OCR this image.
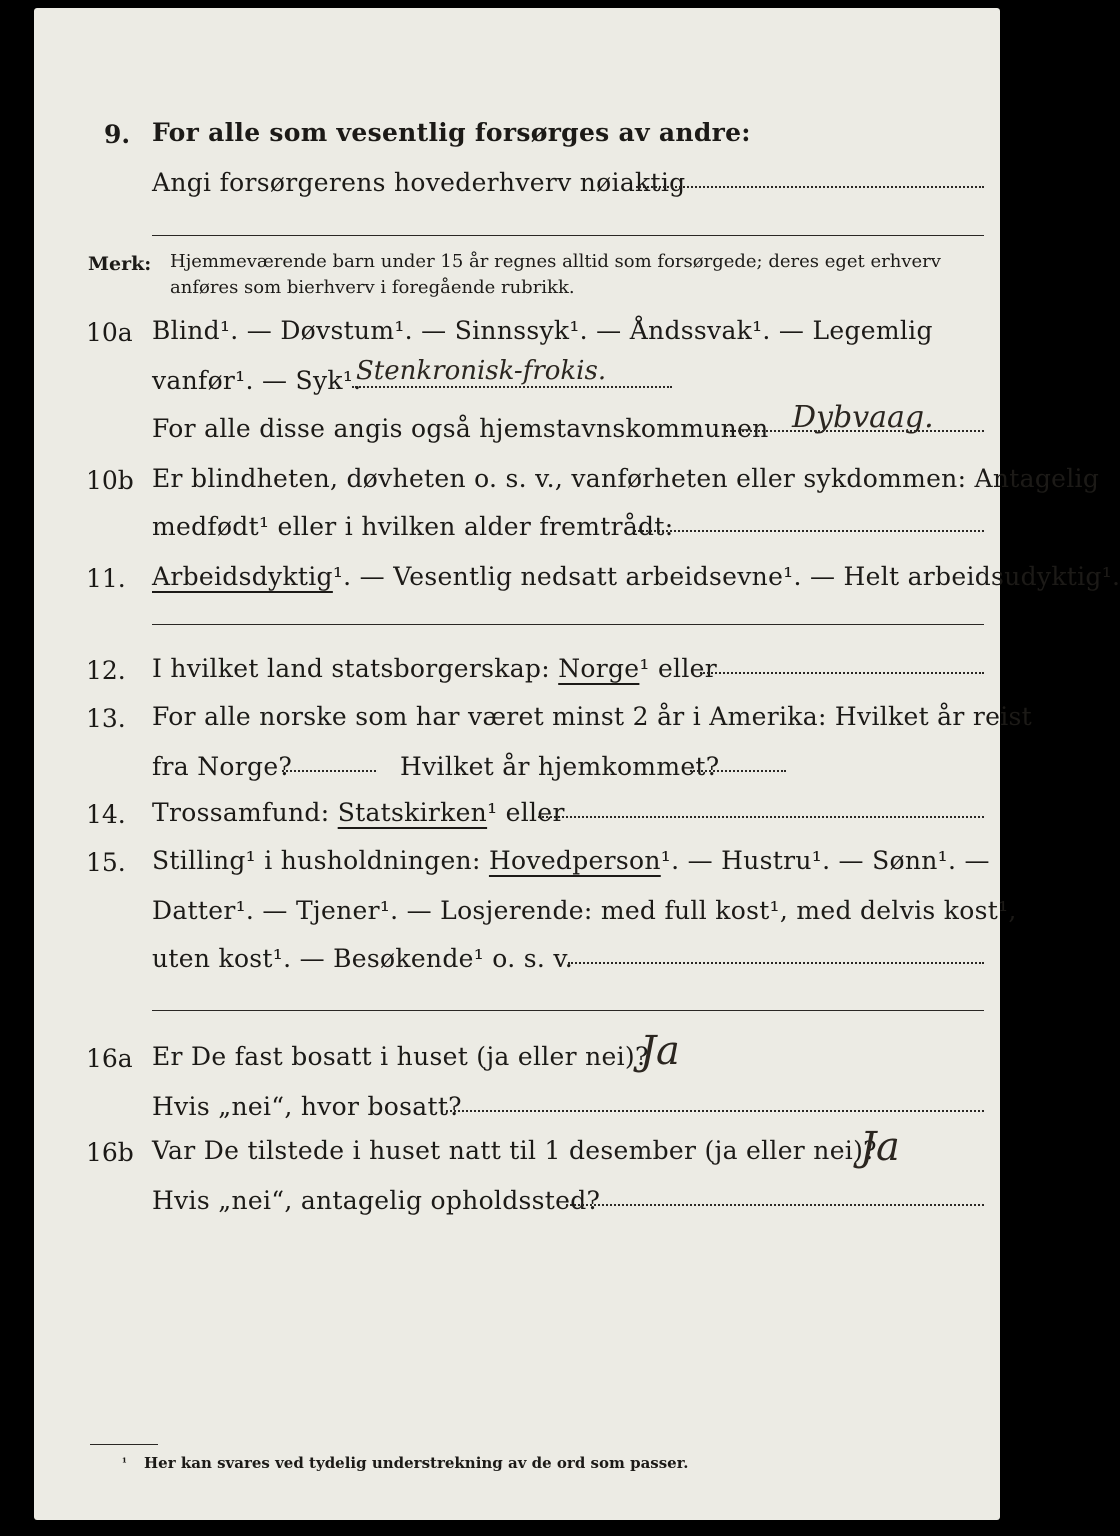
9. For alle som vesentlig forsørges av andre:
Angi forsørgerens hovederhverv nøiaktig
Merk: Hjemmeværende barn under 15 år regnes alltid som forsørgede; deres eget erhverv
anføres som bierhverv i foregående rubrikk.
10a Blind¹. — Døvstum¹. — Sinnssyk¹. — Åndssvak¹. — Legemlig
vanfør¹. — Syk¹.
Stenkronisk-frokis.
For alle disse angis også hjemstavnskommunen Dybvaag.
10b Er blindheten, døvheten o. s. v., vanførheten eller sykdommen: Antagelig
medfødt¹ eller i hvilken alder fremtrådt:
11. Arbeidsdyktig¹. — Vesentlig nedsatt arbeidsevne¹. — Helt arbeidsudyktig¹.
12. I hvilket land statsborgerskap: Norge¹ eller
13. For alle norske som har været minst 2 år i Amerika: Hvilket år reist
fra Norge?	Hvilket år hjemkommet?
14. Trossamfund: Statskirken¹ eller
15. Stilling¹ i husholdningen: Hovedperson¹. — Hustru¹. — Sønn¹. —
Datter¹. — Tjener¹. — Losjerende: med full kost¹, med delvis kost¹,
uten kost¹. — Besøkende¹ o. s. v.
16a Er De fast bosatt i huset (ja eller nei)?
Ja
Hvis „nei“, hvor bosatt?
16b Var De tilstede i huset natt til 1 desember (ja eller nei)?
Ja
Hvis „nei“, antagelig opholdssted?
¹ Her kan svares ved tydelig understrekning av de ord som passer.
